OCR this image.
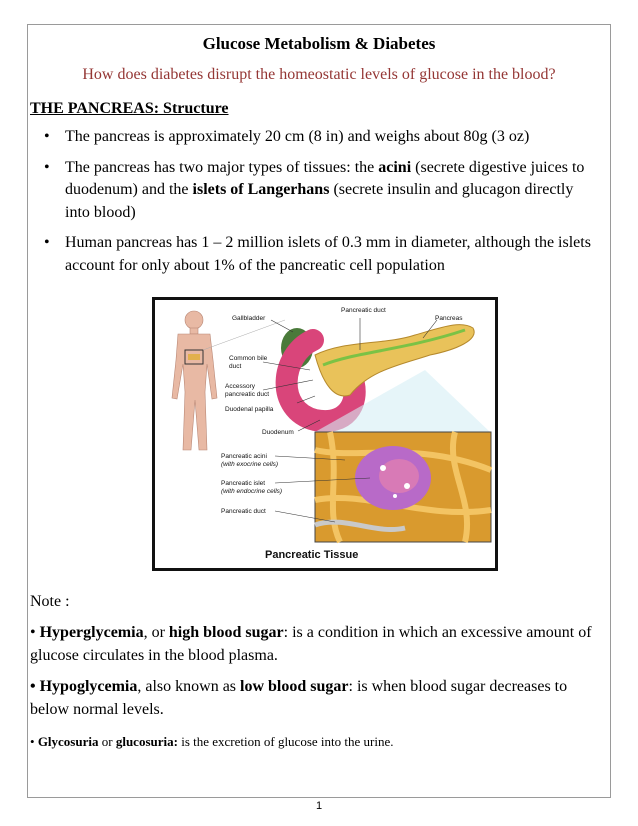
Glucose Metabolism & Diabetes
How does diabetes disrupt the homeostatic levels of glucose in the blood?
THE PANCREAS: Structure
• The pancreas is approximately 20 cm (8 in) and weighs about 80g (3 oz)
• The pancreas has two major types of tissues: the acini (secrete digestive juices to duodenum) and the islets of Langerhans (secrete insulin and glucagon directly into blood)
• Human pancreas has 1 – 2 million islets of 0.3 mm in diameter, although the islets account for only about 1% of the pancreatic cell population
Gallbladder
Pancreatic duct
Pancreas
Common bile
duct
Accessory
pancreatic duct
Duodenal papilla
Duodenum
Pancreatic acini
(with exocrine cells)
Pancreatic islet
(with endocrine cells)
Pancreatic duct
Pancreatic Tissue
Note :
• Hyperglycemia, or high blood sugar: is a condition in which an excessive amount of glucose circulates in the blood plasma.
• Hypoglycemia, also known as low blood sugar: is when blood sugar decreases to below normal levels.
• Glycosuria or glucosuria: is the excretion of glucose into the urine.
1
